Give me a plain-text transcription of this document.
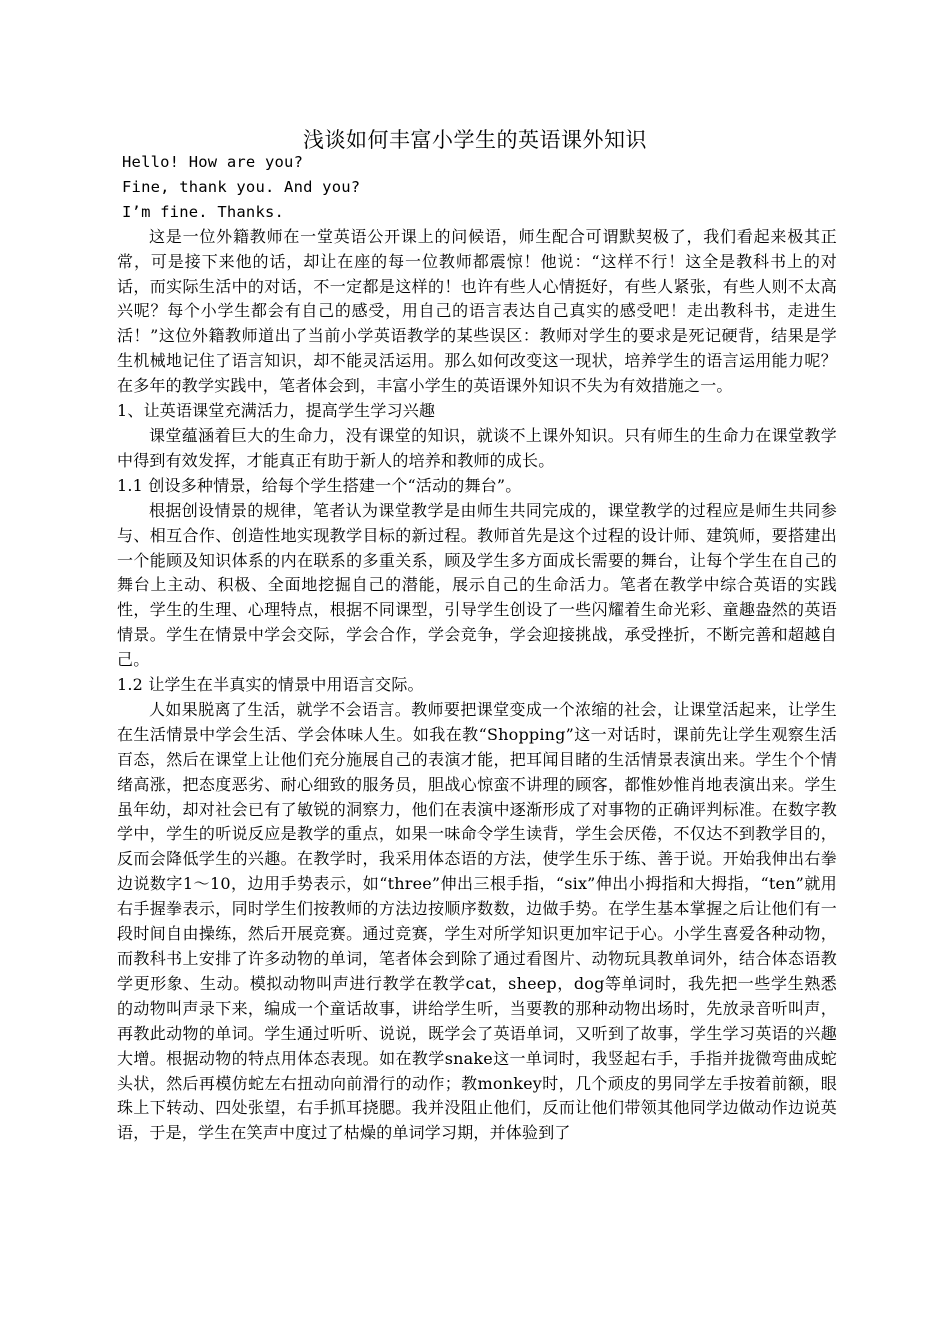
浅谈如何丰富小学生的英语课外知识

Hello! How are you?

Fine, thank you. And you?

I’m fine. Thanks.

这是一位外籍教师在一堂英语公开课上的问候语，师生配合可谓默契极了，我们看起来极其正常，可是接下来他的话，却让在座的每一位教师都震惊！他说：“这样不行！这全是教科书上的对话，而实际生活中的对话，不一定都是这样的！也许有些人心情挺好，有些人紧张，有些人则不太高兴呢？每个小学生都会有自己的感受，用自己的语言表达自己真实的感受吧！走出教科书，走进生活！”这位外籍教师道出了当前小学英语教学的某些误区：教师对学生的要求是死记硬背，结果是学生机械地记住了语言知识，却不能灵活运用。那么如何改变这一现状，培养学生的语言运用能力呢？在多年的教学实践中，笔者体会到，丰富小学生的英语课外知识不失为有效措施之一。

1、让英语课堂充满活力，提高学生学习兴趣

课堂蕴涵着巨大的生命力，没有课堂的知识，就谈不上课外知识。只有师生的生命力在课堂教学中得到有效发挥，才能真正有助于新人的培养和教师的成长。

1.1 创设多种情景，给每个学生搭建一个“活动的舞台”。

根据创设情景的规律，笔者认为课堂教学是由师生共同完成的，课堂教学的过程应是师生共同参与、相互合作、创造性地实现教学目标的新过程。教师首先是这个过程的设计师、建筑师，要搭建出一个能顾及知识体系的内在联系的多重关系，顾及学生多方面成长需要的舞台，让每个学生在自己的舞台上主动、积极、全面地挖掘自己的潜能，展示自己的生命活力。笔者在教学中综合英语的实践性，学生的生理、心理特点，根据不同课型，引导学生创设了一些闪耀着生命光彩、童趣盎然的英语情景。学生在情景中学会交际，学会合作，学会竞争，学会迎接挑战，承受挫折，不断完善和超越自己。

1.2 让学生在半真实的情景中用语言交际。

人如果脱离了生活，就学不会语言。教师要把课堂变成一个浓缩的社会，让课堂活起来，让学生在生活情景中学会生活、学会体味人生。如我在教“Shopping”这一对话时，课前先让学生观察生活百态，然后在课堂上让他们充分施展自己的表演才能，把耳闻目睹的生活情景表演出来。学生个个情绪高涨，把态度恶劣、耐心细致的服务员，胆战心惊蛮不讲理的顾客，都惟妙惟肖地表演出来。学生虽年幼，却对社会已有了敏锐的洞察力，他们在表演中逐渐形成了对事物的正确评判标准。在数字教学中，学生的听说反应是教学的重点，如果一味命令学生读背，学生会厌倦，不仅达不到教学目的，反而会降低学生的兴趣。在教学时，我采用体态语的方法，使学生乐于练、善于说。开始我伸出右拳边说数字1～10，边用手势表示，如“three”伸出三根手指，“six”伸出小拇指和大拇指，“ten”就用右手握拳表示，同时学生们按教师的方法边按顺序数数，边做手势。在学生基本掌握之后让他们有一段时间自由操练，然后开展竞赛。通过竞赛，学生对所学知识更加牢记于心。小学生喜爱各种动物，而教科书上安排了许多动物的单词，笔者体会到除了通过看图片、动物玩具教单词外，结合体态语教学更形象、生动。模拟动物叫声进行教学在教学cat，sheep，dog等单词时，我先把一些学生熟悉的动物叫声录下来，编成一个童话故事，讲给学生听，当要教的那种动物出场时，先放录音听叫声，再教此动物的单词。学生通过听听、说说，既学会了英语单词，又听到了故事，学生学习英语的兴趣大增。根据动物的特点用体态表现。如在教学snake这一单词时，我竖起右手，手指并拢微弯曲成蛇头状，然后再模仿蛇左右扭动向前滑行的动作；教monkey时，几个顽皮的男同学左手按着前额，眼珠上下转动、四处张望，右手抓耳挠腮。我并没阻止他们，反而让他们带领其他同学边做动作边说英语，于是，学生在笑声中度过了枯燥的单词学习期，并体验到了
